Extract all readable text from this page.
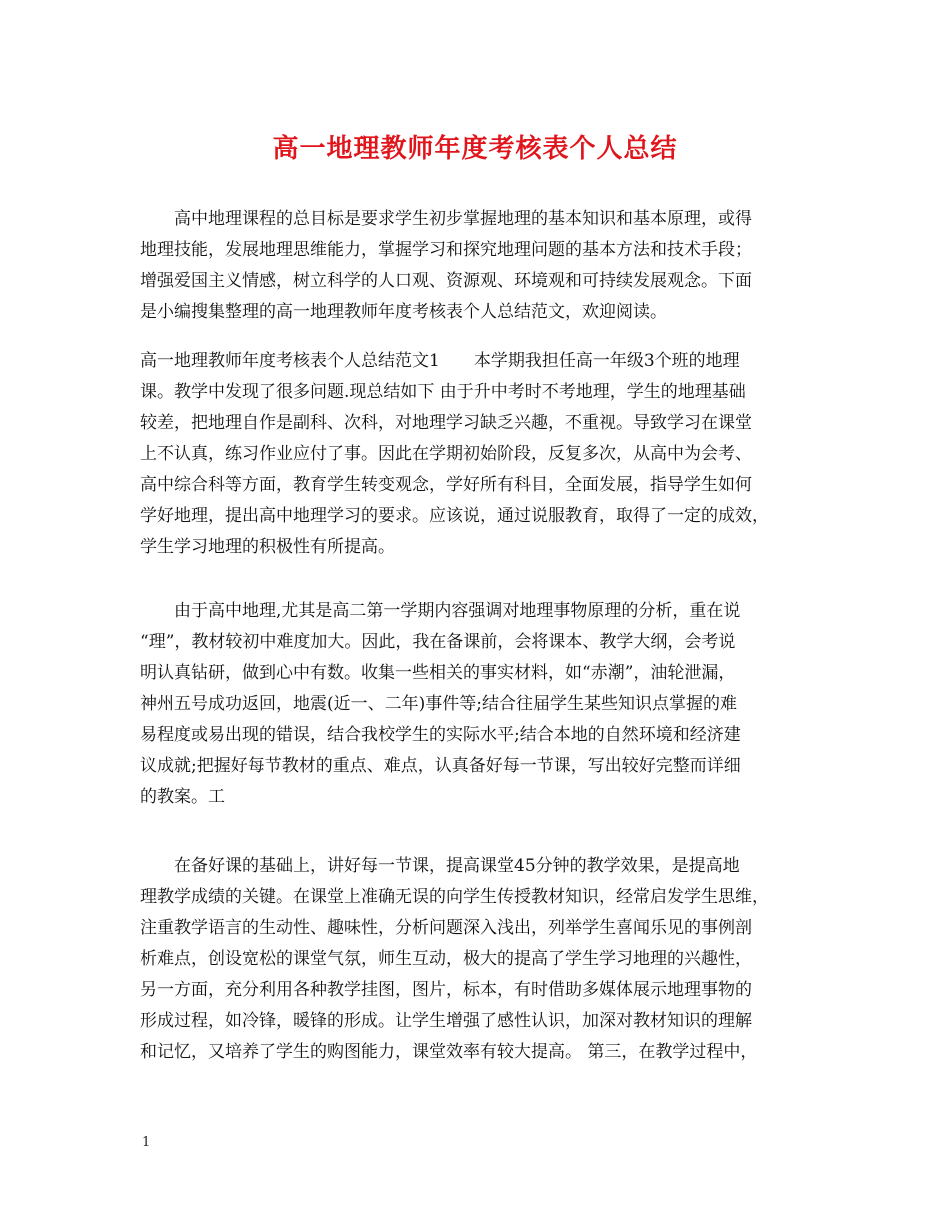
高一地理教师年度考核表个人总结
　　高中地理课程的总目标是要求学生初步掌握地理的基本知识和基本原理，或得
地理技能，发展地理思维能力，掌握学习和探究地理问题的基本方法和技术手段；
增强爱国主义情感，树立科学的人口观、资源观、环境观和可持续发展观念。下面
是小编搜集整理的高一地理教师年度考核表个人总结范文，欢迎阅读。
高一地理教师年度考核表个人总结范文1　　本学期我担任高一年级3个班的地理
课。教学中发现了很多问题.现总结如下 由于升中考时不考地理，学生的地理基础
较差，把地理自作是副科、次科，对地理学习缺乏兴趣，不重视。导致学习在课堂
上不认真，练习作业应付了事。因此在学期初始阶段，反复多次，从高中为会考、
高中综合科等方面，教育学生转变观念，学好所有科目，全面发展，指导学生如何
学好地理，提出高中地理学习的要求。应该说，通过说服教育，取得了一定的成效，
学生学习地理的积极性有所提高。
　　由于高中地理,尤其是高二第一学期内容强调对地理事物原理的分析，重在说
“理”，教材较初中难度加大。因此，我在备课前，会将课本、教学大纲，会考说
明认真钻研，做到心中有数。收集一些相关的事实材料，如“赤潮”，油轮泄漏，
神州五号成功返回，地震(近一、二年)事件等;结合往届学生某些知识点掌握的难
易程度或易出现的错误，结合我校学生的实际水平;结合本地的自然环境和经济建
议成就;把握好每节教材的重点、难点，认真备好每一节课，写出较好完整而详细
的教案。工
　　在备好课的基础上，讲好每一节课，提高课堂45分钟的教学效果，是提高地
理教学成绩的关键。在课堂上准确无误的向学生传授教材知识，经常启发学生思维，
注重教学语言的生动性、趣味性，分析问题深入浅出，列举学生喜闻乐见的事例剖
析难点，创设宽松的课堂气氛，师生互动，极大的提高了学生学习地理的兴趣性，
另一方面，充分利用各种教学挂图，图片，标本，有时借助多媒体展示地理事物的
形成过程，如冷锋，暖锋的形成。让学生增强了感性认识，加深对教材知识的理解
和记忆，又培养了学生的购图能力，课堂效率有较大提高。 第三，在教学过程中，
1
